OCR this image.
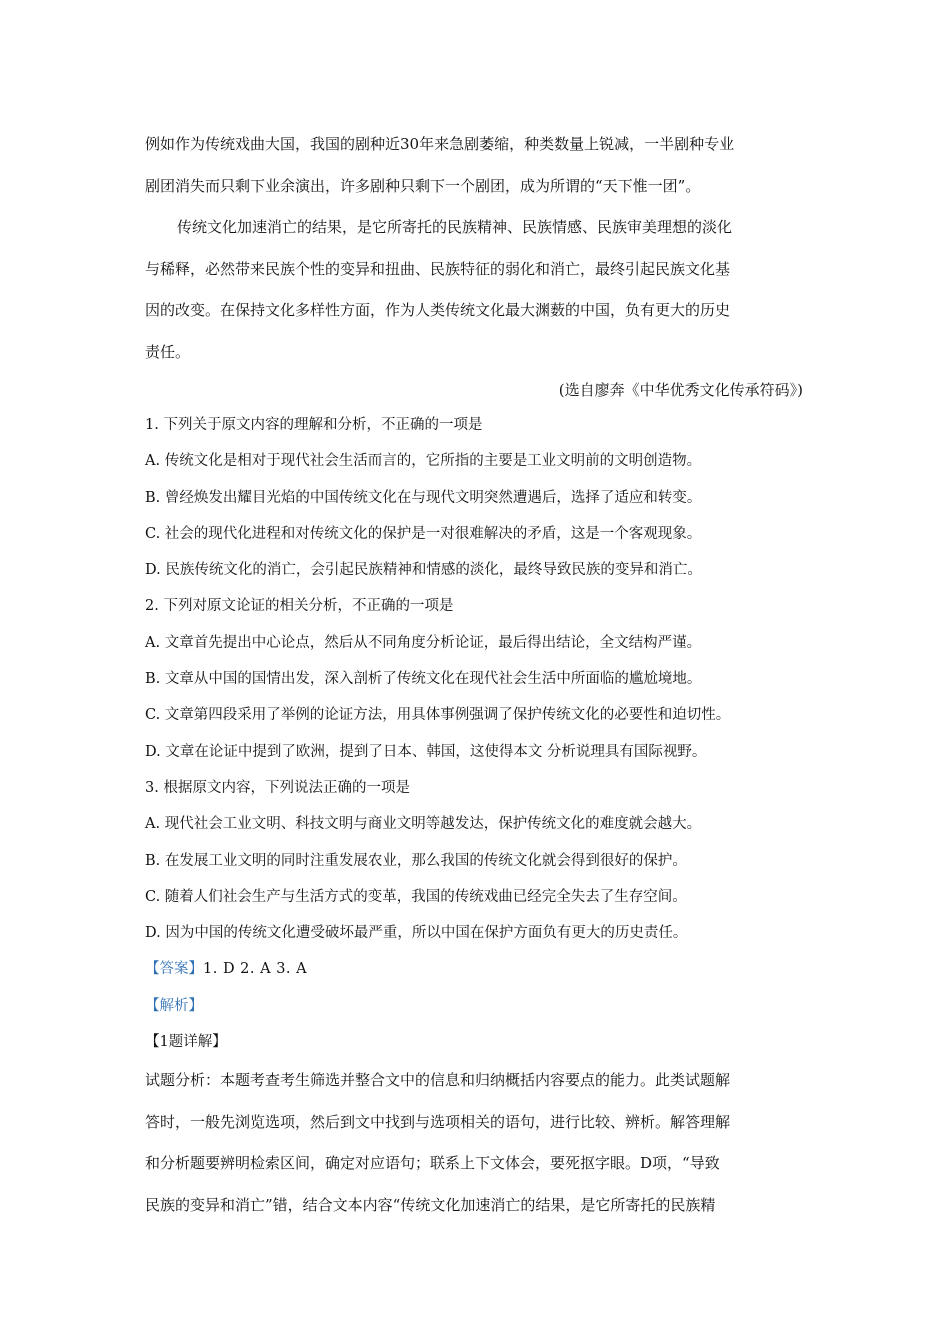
例如作为传统戏曲大国，我国的剧种近30年来急剧萎缩，种类数量上锐减，一半剧种专业

剧团消失而只剩下业余演出，许多剧种只剩下一个剧团，成为所谓的“天下惟一团”。

传统文化加速消亡的结果，是它所寄托的民族精神、民族情感、民族审美理想的淡化

与稀释，必然带来民族个性的变异和扭曲、民族特征的弱化和消亡，最终引起民族文化基

因的改变。在保持文化多样性方面，作为人类传统文化最大渊薮的中国，负有更大的历史

责任。

(选自廖奔《中华优秀文化传承符码》)

1. 下列关于原文内容的理解和分析，不正确的一项是

A. 传统文化是相对于现代社会生活而言的，它所指的主要是工业文明前的文明创造物。

B. 曾经焕发出耀目光焰的中国传统文化在与现代文明突然遭遇后，选择了适应和转变。

C. 社会的现代化进程和对传统文化的保护是一对很难解决的矛盾，这是一个客观现象。

D. 民族传统文化的消亡，会引起民族精神和情感的淡化，最终导致民族的变异和消亡。

2. 下列对原文论证的相关分析，不正确的一项是

A. 文章首先提出中心论点，然后从不同角度分析论证，最后得出结论，全文结构严谨。

B. 文章从中国的国情出发，深入剖析了传统文化在现代社会生活中所面临的尴尬境地。

C. 文章第四段采用了举例的论证方法，用具体事例强调了保护传统文化的必要性和迫切性。

D. 文章在论证中提到了欧洲，提到了日本、韩国，这使得本文 分析说理具有国际视野。

3. 根据原文内容，下列说法正确的一项是

A. 现代社会工业文明、科技文明与商业文明等越发达，保护传统文化的难度就会越大。

B. 在发展工业文明的同时注重发展农业，那么我国的传统文化就会得到很好的保护。

C. 随着人们社会生产与生活方式的变革，我国的传统戏曲已经完全失去了生存空间。

D. 因为中国的传统文化遭受破坏最严重，所以中国在保护方面负有更大的历史责任。

【答案】1. D 2. A 3. A

【解析】

【1题详解】

试题分析：本题考查考生筛选并整合文中的信息和归纳概括内容要点的能力。此类试题解

答时，一般先浏览选项，然后到文中找到与选项相关的语句，进行比较、辨析。解答理解

和分析题要辨明检索区间，确定对应语句；联系上下文体会，要死抠字眼。D项，“导致

民族的变异和消亡”错，结合文本内容“传统文化加速消亡的结果，是它所寄托的民族精
